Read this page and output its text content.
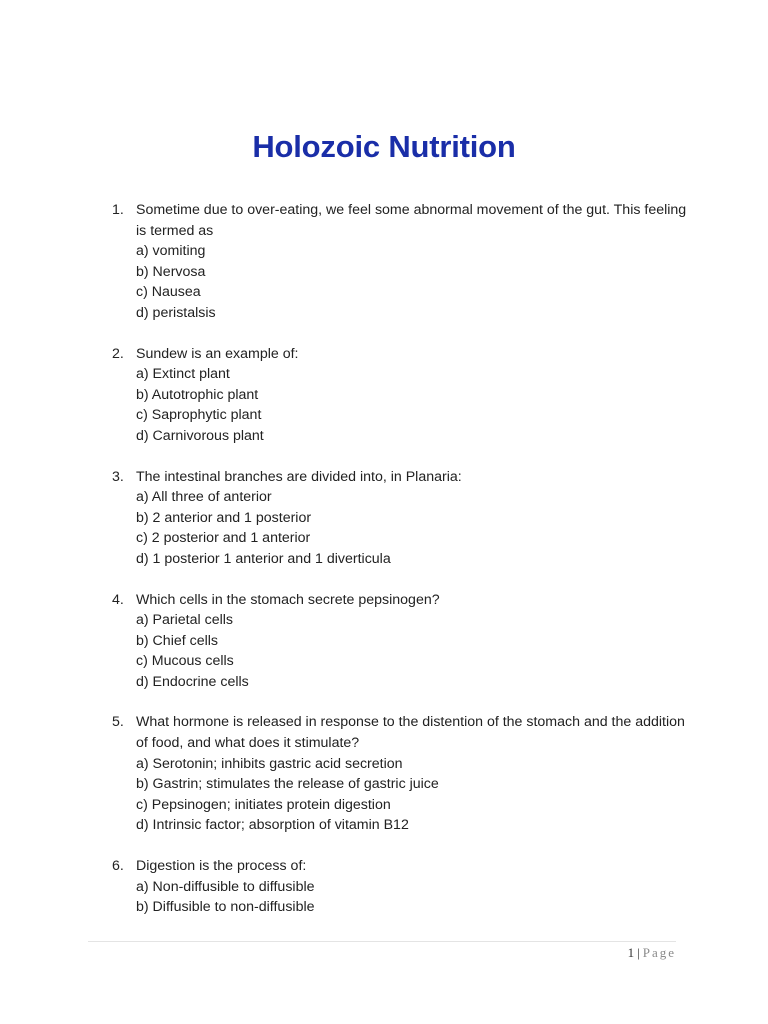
Holozoic Nutrition
1. Sometime due to over-eating, we feel some abnormal movement of the gut. This feeling is termed as
a) vomiting
b) Nervosa
c) Nausea
d) peristalsis
2. Sundew is an example of:
a) Extinct plant
b) Autotrophic plant
c) Saprophytic plant
d) Carnivorous plant
3. The intestinal branches are divided into, in Planaria:
a) All three of anterior
b) 2 anterior and 1 posterior
c) 2 posterior and 1 anterior
d) 1 posterior 1 anterior and 1 diverticula
4. Which cells in the stomach secrete pepsinogen?
a) Parietal cells
b) Chief cells
c) Mucous cells
d) Endocrine cells
5. What hormone is released in response to the distention of the stomach and the addition of food, and what does it stimulate?
a) Serotonin; inhibits gastric acid secretion
b) Gastrin; stimulates the release of gastric juice
c) Pepsinogen; initiates protein digestion
d) Intrinsic factor; absorption of vitamin B12
6. Digestion is the process of:
a) Non-diffusible to diffusible
b) Diffusible to non-diffusible
1 | Page
